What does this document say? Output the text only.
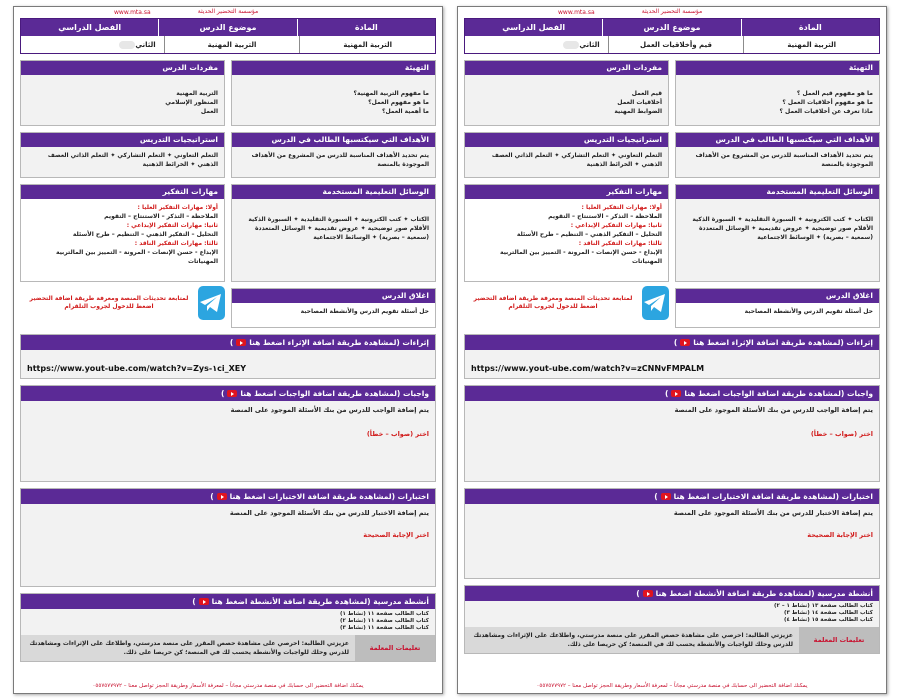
مؤسسة التحضير الحديثة
www.mta.sa
المادة
موضوع الدرس
الفصل الدراسي
التربية المهنية
التربية المهنية
الثاني
التهيئة
ما مفهوم التربية المهنية؟
ما هو مفهوم العمل؟
ما أهمية العمل؟
مفردات الدرس
التربية المهنية
المنظور الإسلامي
العمل
الأهداف التي سيكتسبها الطالب في الدرس
يتم تحديد الأهداف المناسبة للدرس من المشروع من الأهداف الموجودة بالمنصة
استراتيجيات التدريس
التعلم التعاوني ✦ التعلم التشاركي ✦ التعلم الذاتي العصف الذهني ✦ الخرائط الذهنية
الوسائل التعليمية المستخدمة
الكتاب ✦ كتب الكترونية ✦ السبورة التقليدية ✦ السبورة الذكية الأقلام صور توضيحية ✦ عروض تقديمية ✦ الوسائل المتعددة (سمعية – بصرية) ✦ الوسائط الاجتماعية
اغلاق الدرس
حل أسئلة تقويم الدرس والأنشطة المصاحبة
مهارات التفكير
أولا: مهارات التفكير العليا :
الملاحظة – التذكر – الاستنتاج – التقويم
ثانيا: مهارات التفكير الإبداعي :
التحليل – التفكير الذهني – التنظيم – طرح الأسئلة
ثالثا: مهارات التفكير الناقد :
الإبداع - حسن الإنصات - المرونة - التمييز بين المالتربية المهنياتات
لمتابعة تحديثات المنصة ومعرفة طريقة اضافة التحضير اضغط للدخول لجروب التلقرام
إثراءات (لمشاهدة طريقة اضافة الإثراء اضغط هنا
)
https://www.yout-ube.com/watch?v=Zys-١ci_XEY
واجبات (لمشاهدة طريقة اضافة الواجبات اضغط هنا
)
يتم إضافة الواجب للدرس من بنك الأسئلة الموجود على المنصة
اختر (صواب – خطأ)
اختبارات (لمشاهدة طريقة اضافة الاختبارات اضغط هنا
)
يتم إضافة الاختبار للدرس من بنك الأسئلة الموجود على المنصة
اختر الإجابة الصحيحة
أنشطة مدرسية (لمشاهدة طريقة اضافة الأنشطة اضغط هنا
)
كتاب الطالب صفحة ١١ (نشاط ١)
كتاب الطالب صفحة ١١ (نشاط ٢)
كتاب الطالب صفحة ١١ (نشاط ٣)
تعليمات المعلمة
عزيزتي الطالبة: احرصي على مشاهدة حصص المقرر على منصة مدرستي، واطلاعك على الإثراءات ومشاهدتك للدرس وحلك للواجبات والأنشطة يحسب لك في المنصة؛ كن حريصا على ذلك.
يمكنك اضافة التحضير الى حسابك في منصة مدرستي مجاناً – لمعرفة الأسعار وطريقة الحجز تواصل معنا – ٠٥٥٧٥٧٧٩٧٢
مؤسسة التحضير الحديثة
www.mta.sa
المادة
موضوع الدرس
الفصل الدراسي
التربية المهنية
قيم وأخلاقيات العمل
الثاني
التهيئة
ما هو مفهوم قيم العمل ؟
ما هو مفهوم أخلاقيات العمل ؟
ماذا تعرف عن أخلاقيات العمل ؟
مفردات الدرس
قيم العمل
أخلاقيات العمل
الضوابط المهنية
الأهداف التي سيكتسبها الطالب في الدرس
يتم تحديد الأهداف المناسبة للدرس من المشروع من الأهداف الموجودة بالمنصة
استراتيجيات التدريس
التعلم التعاوني ✦ التعلم التشاركي ✦ التعلم الذاتي العصف الذهني ✦ الخرائط الذهنية
الوسائل التعليمية المستخدمة
الكتاب ✦ كتب الكترونية ✦ السبورة التقليدية ✦ السبورة الذكية الأقلام صور توضيحية ✦ عروض تقديمية ✦ الوسائل المتعددة (سمعية – بصرية) ✦ الوسائط الاجتماعية
اغلاق الدرس
حل أسئلة تقويم الدرس والأنشطة المصاحبة
مهارات التفكير
أولا: مهارات التفكير العليا :
الملاحظة – التذكر – الاستنتاج – التقويم
ثانيا: مهارات التفكير الإبداعي :
التحليل – التفكير الذهني – التنظيم – طرح الأسئلة
ثالثا: مهارات التفكير الناقد :
الإبداع - حسن الإنصات - المرونة - التمييز بين المالتربية المهنياتات
لمتابعة تحديثات المنصة ومعرفة طريقة اضافة التحضير اضغط للدخول لجروب التلقرام
إثراءات (لمشاهدة طريقة اضافة الإثراء اضغط هنا
)
https://www.yout-ube.com/watch?v=zCNNvFMPALM
واجبات (لمشاهدة طريقة اضافة الواجبات اضغط هنا
)
يتم إضافة الواجب للدرس من بنك الأسئلة الموجود على المنصة
اختر (صواب – خطأ)
اختبارات (لمشاهدة طريقة اضافة الاختبارات اضغط هنا
)
يتم إضافة الاختبار للدرس من بنك الأسئلة الموجود على المنصة
اختر الإجابة الصحيحة
أنشطة مدرسية (لمشاهدة طريقة اضافة الأنشطة اضغط هنا
)
كتاب الطالب صفحة ١٣ (نشاط ١ – ٢)
كتاب الطالب صفحة ١٤ (نشاط ٣)
كتاب الطالب صفحة ١٥ (نشاط ٤)
تعليمات المعلمة
عزيزتي الطالبة: احرصي على مشاهدة حصص المقرر على منصة مدرستي، واطلاعك على الإثراءات ومشاهدتك للدرس وحلك للواجبات والأنشطة يحسب لك في المنصة؛ كن حريصا على ذلك.
يمكنك اضافة التحضير الى حسابك في منصة مدرستي مجاناً – لمعرفة الأسعار وطريقة الحجز تواصل معنا – ٠٥٥٧٥٧٧٩٧٢
